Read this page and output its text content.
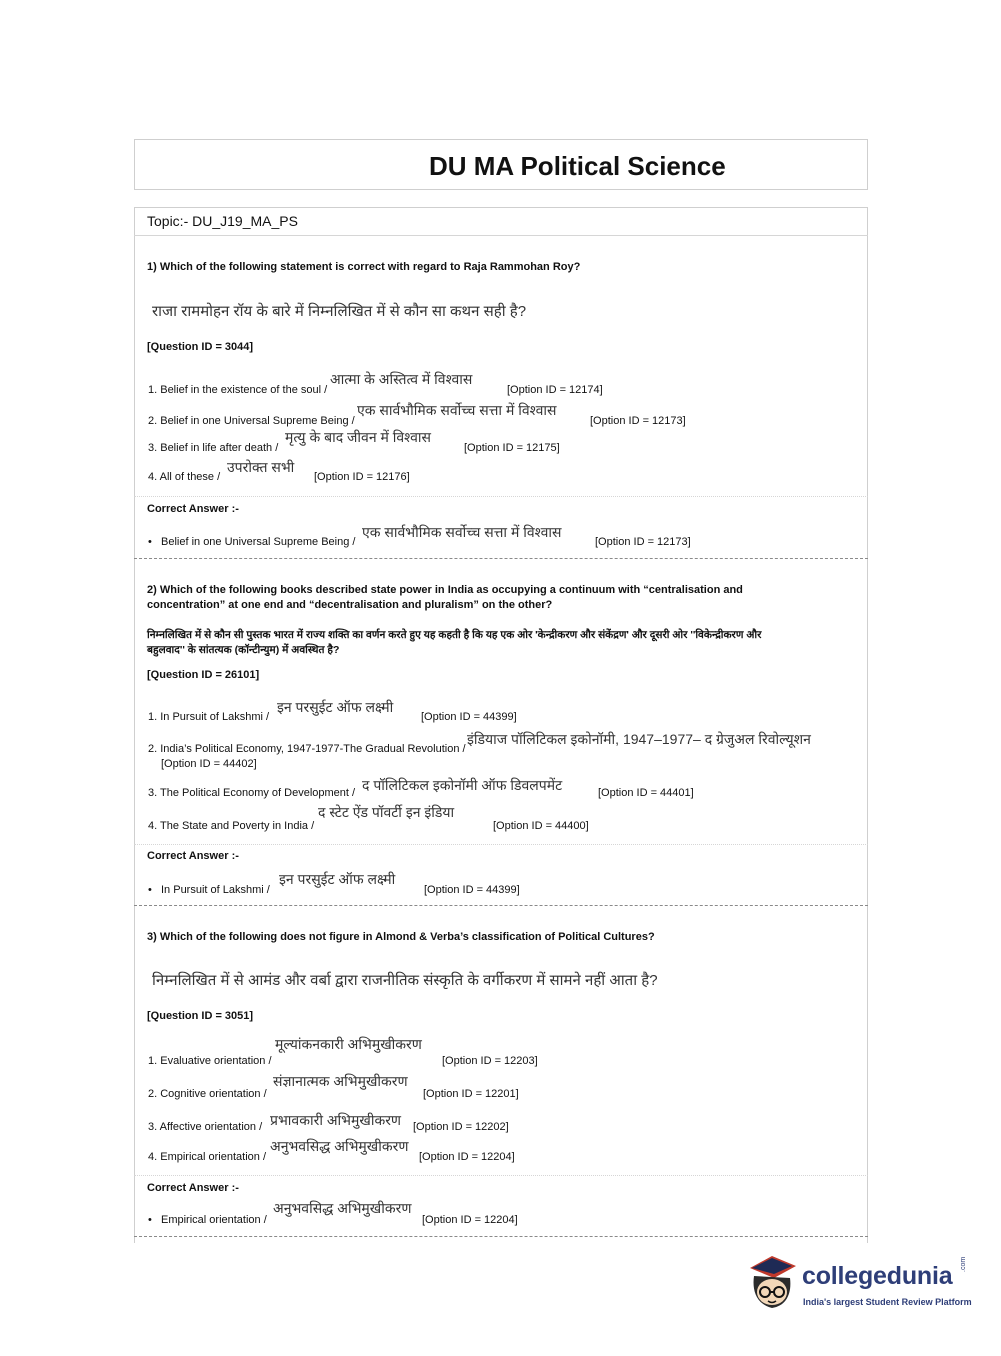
DU MA Political Science
Topic:- DU_J19_MA_PS
1) Which of the following statement is correct with regard to Raja Rammohan Roy?
राजा राममोहन रॉय के बारे में निम्नलिखित में से कौन सा कथन सही है?
[Question ID = 3044]
1. Belief in the existence of the soul /
आत्मा के अस्तित्व में विश्वास
[Option ID = 12174]
2. Belief in one Universal Supreme Being /
एक सार्वभौमिक सर्वोच्च सत्ता में विश्वास
[Option ID = 12173]
3. Belief in life after death /
मृत्यु के बाद जीवन में विश्वास
[Option ID = 12175]
4. All of these /
उपरोक्त सभी
[Option ID = 12176]
Correct Answer :-
• Belief in one Universal Supreme Being /
एक सार्वभौमिक सर्वोच्च सत्ता में विश्वास
[Option ID = 12173]
2) Which of the following books described state power in India as occupying a continuum with “centralisation and
concentration” at one end and “decentralisation and pluralism” on the other?
निम्नलिखित में से कौन सी पुस्तक भारत में राज्य शक्ति का वर्णन करते हुए यह कहती है कि यह एक ओर 'केन्द्रीकरण और संकेंद्रण' और दूसरी ओर ''विकेन्द्रीकरण और
बहुलवाद'' के सांतत्यक (कॉन्टीन्युम) में अवस्थित है?
[Question ID = 26101]
1. In Pursuit of Lakshmi /
इन परसुईट ऑफ लक्ष्मी
[Option ID = 44399]
2. India’s Political Economy, 1947-1977-The Gradual Revolution /
इंडियाज पॉलिटिकल इकोनॉमी, 1947–1977– द ग्रेजुअल रिवोल्यूशन
[Option ID = 44402]
3. The Political Economy of Development / द पॉलिटिकल इकोनॉमी ऑफ डिवलपमेंट	[Option ID = 44401]
4. The State and Poverty in India /
द स्टेट ऐंड पॉवर्टी इन इंडिया
[Option ID = 44400]
Correct Answer :-
• In Pursuit of Lakshmi /
इन परसुईट ऑफ लक्ष्मी
[Option ID = 44399]
3) Which of the following does not figure in Almond & Verba’s classification of Political Cultures?
निम्नलिखित में से आमंड और वर्बा द्वारा राजनीतिक संस्कृति के वर्गीकरण में सामने नहीं आता है?
[Question ID = 3051]
1. Evaluative orientation /
मूल्यांकनकारी अभिमुखीकरण
[Option ID = 12203]
2. Cognitive orientation /
संज्ञानात्मक अभिमुखीकरण
[Option ID = 12201]
3. Affective orientation / प्रभावकारी अभिमुखीकरण [Option ID = 12202]
4. Empirical orientation /
अनुभवसिद्ध अभिमुखीकरण
[Option ID = 12204]
Correct Answer :-
• Empirical orientation /
अनुभवसिद्ध अभिमुखीकरण
[Option ID = 12204]
collegedunia .com
India's largest Student Review Platform
